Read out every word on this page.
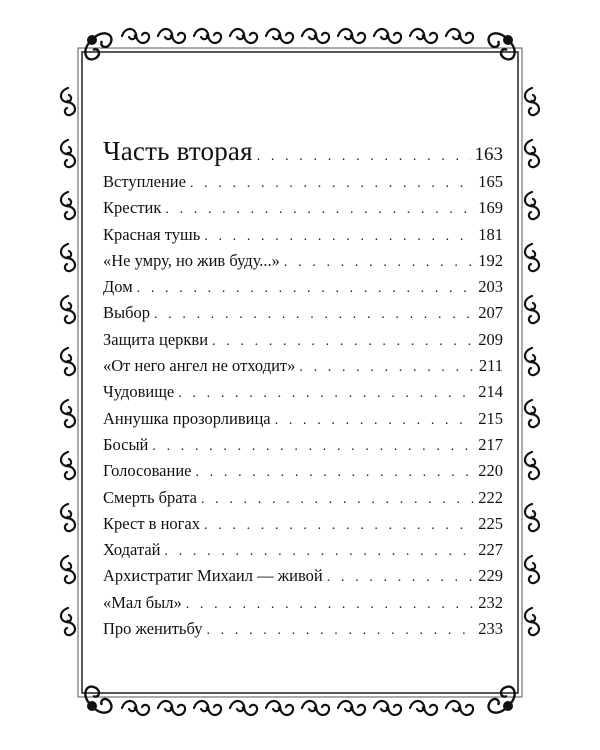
Часть вторая . . .	163
Вступление . . .	165
Крестик . . .	169
Красная тушь . . .	181
«Не умру, но жив буду...» . . .	192
Дом . . .	203
Выбор . . .	207
Защита церкви . . .	209
«От него ангел не отходит» . . .	211
Чудовище . . .	214
Аннушка прозорливица . . .	215
Босый . . .	217
Голосование . . .	220
Смерть брата . . .	222
Крест в ногах . . .	225
Ходатай . . .	227
Архистратиг Михаил — живой . . .	229
«Мал был» . . .	232
Про женитьбу . . .	233
